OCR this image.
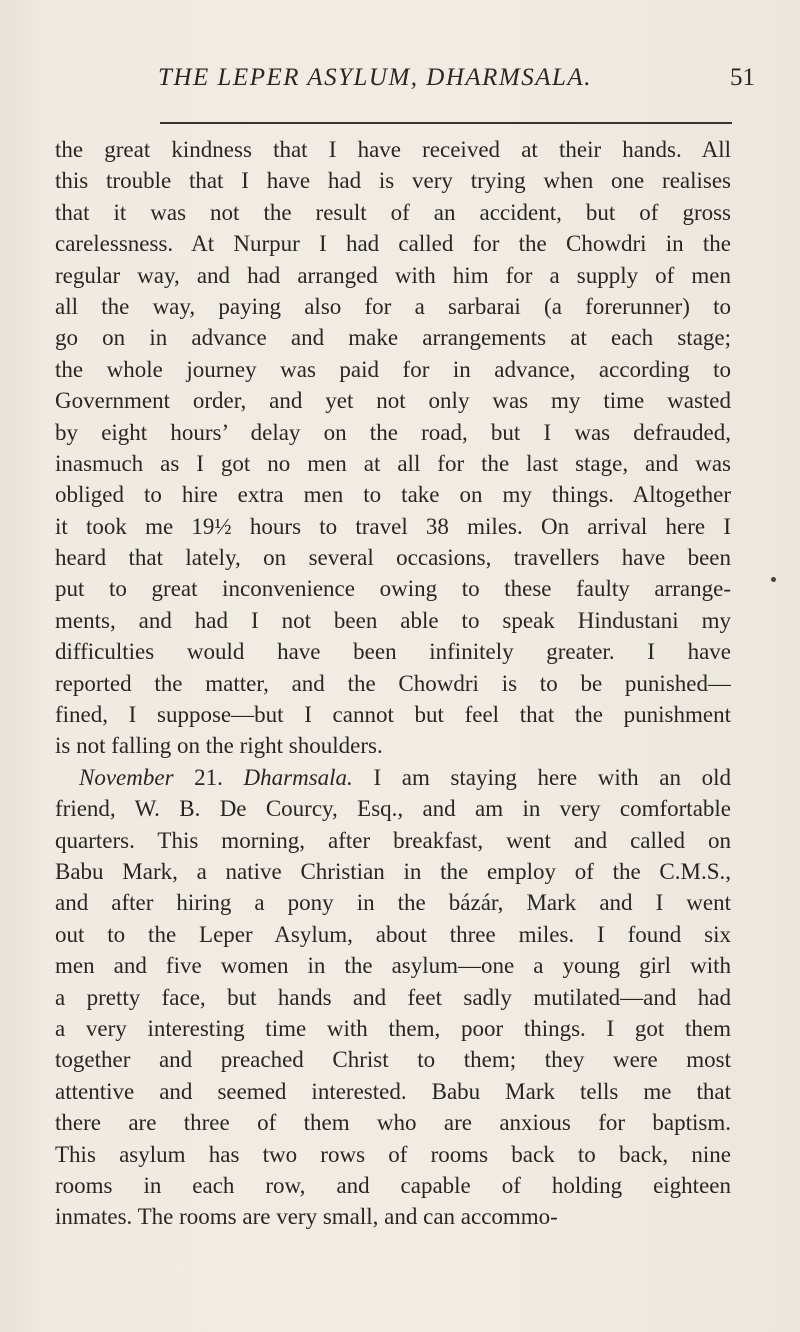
THE LEPER ASYLUM, DHARMSALA.	51
the great kindness that I have received at their hands. All
this trouble that I have had is very trying when one realises
that it was not the result of an accident, but of gross
carelessness. At Nurpur I had called for the Chowdri in the
regular way, and had arranged with him for a supply of men
all the way, paying also for a sarbarai (a forerunner) to
go on in advance and make arrangements at each stage;
the whole journey was paid for in advance, according to
Government order, and yet not only was my time wasted
by eight hours’ delay on the road, but I was defrauded,
inasmuch as I got no men at all for the last stage, and was
obliged to hire extra men to take on my things. Altogether
it took me 19½ hours to travel 38 miles. On arrival here I
heard that lately, on several occasions, travellers have been
put to great inconvenience owing to these faulty arrange-
ments, and had I not been able to speak Hindustani my
difficulties would have been infinitely greater. I have
reported the matter, and the Chowdri is to be punished—
fined, I suppose—but I cannot but feel that the punishment
is not falling on the right shoulders.
November 21. Dharmsala. I am staying here with an old
friend, W. B. De Courcy, Esq., and am in very comfortable
quarters. This morning, after breakfast, went and called on
Babu Mark, a native Christian in the employ of the C.M.S.,
and after hiring a pony in the bázár, Mark and I went
out to the Leper Asylum, about three miles. I found six
men and five women in the asylum—one a young girl with
a pretty face, but hands and feet sadly mutilated—and had
a very interesting time with them, poor things. I got them
together and preached Christ to them; they were most
attentive and seemed interested. Babu Mark tells me that
there are three of them who are anxious for baptism.
This asylum has two rows of rooms back to back, nine
rooms in each row, and capable of holding eighteen
inmates. The rooms are very small, and can accommo-
